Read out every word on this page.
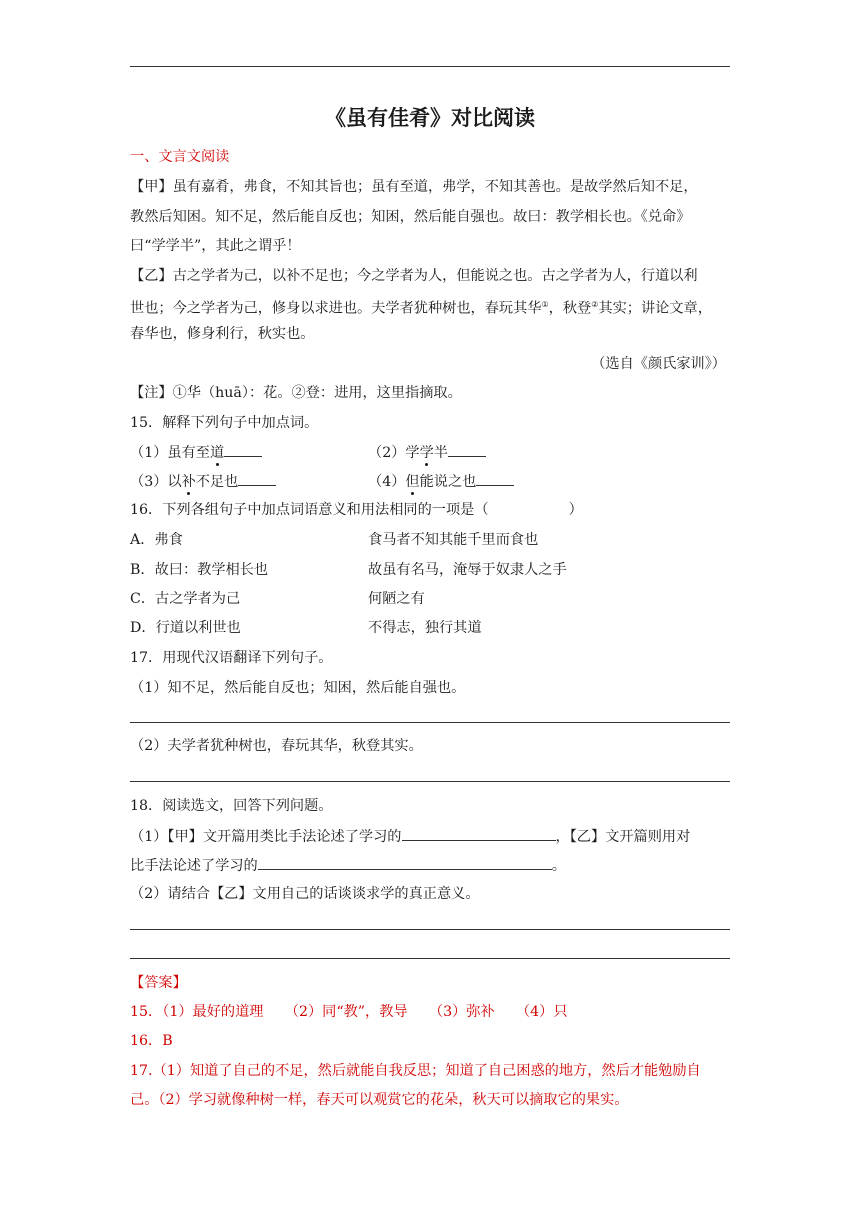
《虽有佳肴》对比阅读
一、文言文阅读
【甲】虽有嘉肴，弗食，不知其旨也；虽有至道，弗学，不知其善也。是故学然后知不足，
教然后知困。知不足，然后能自反也；知困，然后能自强也。故曰：教学相长也。《兑命》
曰“学学半”，其此之谓乎！
【乙】古之学者为己，以补不足也；今之学者为人，但能说之也。古之学者为人，行道以利
世也；今之学者为己，修身以求进也。夫学者犹种树也，春玩其华①，秋登②其实；讲论文章，
春华也，修身利行，秋实也。
（选自《颜氏家训》）
【注】①华（huā）：花。②登：进用，这里指摘取。
15．解释下列句子中加点词。
（1）虽有至道	（2）学学半
（3）以补不足也	（4）但能说之也
16．下列各组句子中加点词语意义和用法相同的一项是（	）
A．弗食	食马者不知其能千里而食也
B．故曰：教学相长也	故虽有名马，淹辱于奴隶人之手
C．古之学者为己	何陋之有
D．行道以利世也	不得志，独行其道
17．用现代汉语翻译下列句子。
（1）知不足，然后能自反也；知困，然后能自强也。
（2）夫学者犹种树也，春玩其华，秋登其实。
18．阅读选文，回答下列问题。
（1）【甲】文开篇用类比手法论述了学习的	，【乙】文开篇则用对
比手法论述了学习的	。
（2）请结合【乙】文用自己的话谈谈求学的真正意义。
【答案】
15．（1）最好的道理　　（2）同“教”，教导　　（3）弥补　　（4）只
16．B
17.（1）知道了自己的不足，然后就能自我反思；知道了自己困惑的地方，然后才能勉励自
己。（2）学习就像种树一样，春天可以观赏它的花朵，秋天可以摘取它的果实。
